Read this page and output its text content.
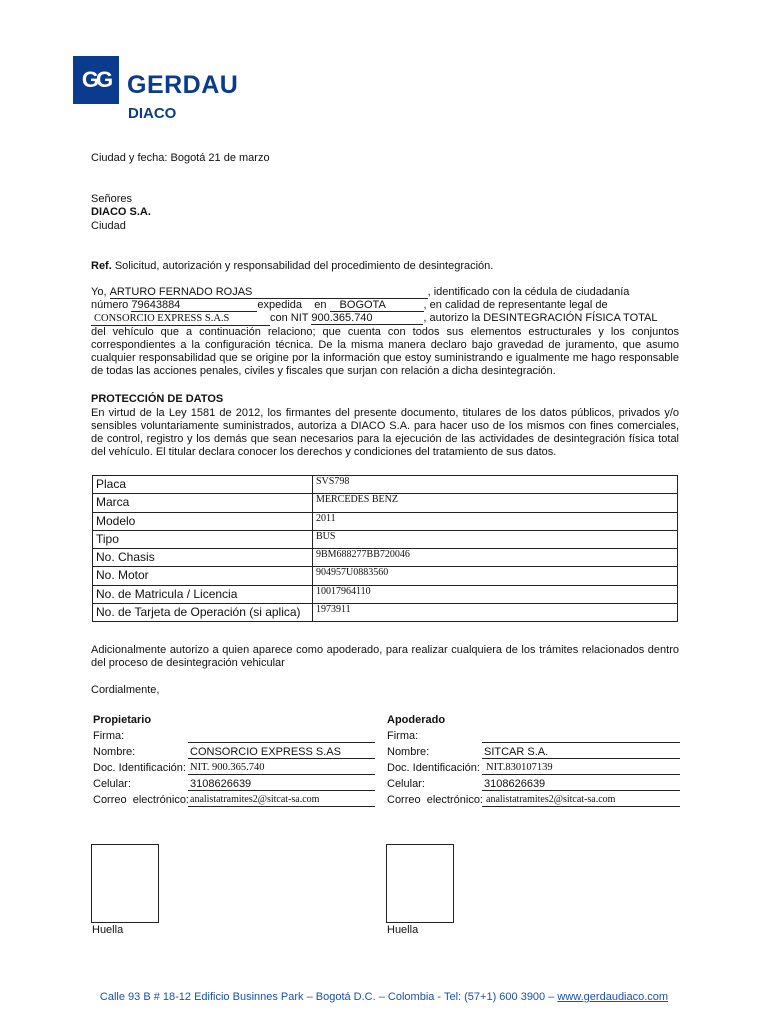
GG GERDAU
DIACO
Ciudad y fecha: Bogotá 21 de marzo
Señores
DIACO S.A.
Ciudad
Ref. Solicitud, autorización y responsabilidad del procedimiento de desintegración.
Yo, ARTURO FERNADO ROJAS	, identificado con la cédula de ciudadanía
número 79643884	expedida    en BOGOTA	, en calidad de representante legal de
CONSORCIO EXPRESS S.A.S	con NIT 900.365.740	, autorizo la DESINTEGRACIÓN FÍSICA TOTAL
del vehículo que a continuación relaciono; que cuenta con todos sus elementos estructurales y los conjuntos correspondientes a la configuración técnica. De la misma manera declaro bajo gravedad de juramento, que asumo cualquier responsabilidad que se origine por la información que estoy suministrando e igualmente me hago responsable de todas las acciones penales, civiles y fiscales que surjan con relación a dicha desintegración.
PROTECCIÓN DE DATOS
En virtud de la Ley 1581 de 2012, los firmantes del presente documento, titulares de los datos públicos, privados y/o sensibles voluntariamente suministrados, autoriza a DIACO S.A. para hacer uso de los mismos con fines comerciales, de control, registro y los demás que sean necesarios para la ejecución de las actividades de desintegración física total del vehículo. El titular declara conocer los derechos y condiciones del tratamiento de sus datos.
Placa	SVS798
Marca	MERCEDES BENZ
Modelo	2011
Tipo	BUS
No. Chasis	9BM688277BB720046
No. Motor	904957U0883560
No. de Matricula / Licencia	10017964110
No. de Tarjeta de Operación (si aplica)	1973911
Adicionalmente autorizo a quien aparece como apoderado, para realizar cualquiera de los trámites relacionados dentro del proceso de desintegración vehicular
Cordialmente,
Propietario
Firma:
Nombre:	CONSORCIO EXPRESS S.AS
Doc. Identificación: NIT. 900.365.740
Celular:	3108626639
Correo  electrónico: analistatramites2@sitcat-sa.com
Apoderado
Firma:
Nombre:	SITCAR S.A.
Doc. Identificación: NIT.830107139
Celular:	3108626639
Correo  electrónico: analistatramites2@sitcat-sa.com
Huella	Huella
Calle 93 B # 18-12 Edificio Businnes Park – Bogotá D.C. – Colombia - Tel: (57+1) 600 3900 – www.gerdaudiaco.com
